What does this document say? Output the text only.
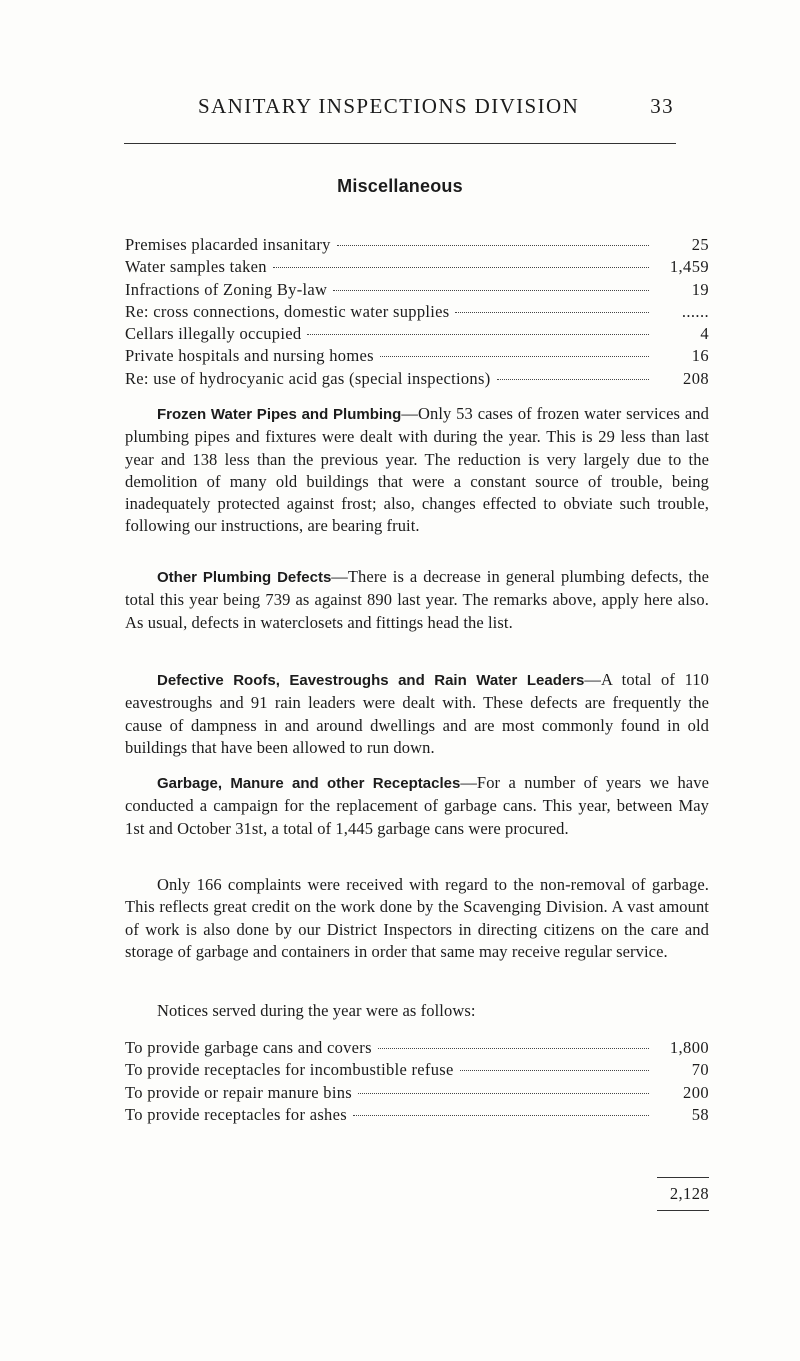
SANITARY INSPECTIONS DIVISION	33
Miscellaneous
Premises placarded insanitary	25
Water samples taken	1,459
Infractions of Zoning By-law	19
Re: cross connections, domestic water supplies	......
Cellars illegally occupied	4
Private hospitals and nursing homes	16
Re: use of hydrocyanic acid gas (special inspections)	208

Frozen Water Pipes and Plumbing—Only 53 cases of frozen water services and plumbing pipes and fixtures were dealt with during the year. This is 29 less than last year and 138 less than the previous year. The reduction is very largely due to the demolition of many old buildings that were a constant source of trouble, being inadequately protected against frost; also, changes effected to obviate such trouble, following our instructions, are bearing fruit.

Other Plumbing Defects—There is a decrease in general plumbing defects, the total this year being 739 as against 890 last year. The remarks above, apply here also. As usual, defects in waterclosets and fittings head the list.

Defective Roofs, Eavestroughs and Rain Water Leaders—A total of 110 eavestroughs and 91 rain leaders were dealt with. These defects are frequently the cause of dampness in and around dwellings and are most commonly found in old buildings that have been allowed to run down.

Garbage, Manure and other Receptacles—For a number of years we have conducted a campaign for the replacement of garbage cans. This year, between May 1st and October 31st, a total of 1,445 garbage cans were procured.

Only 166 complaints were received with regard to the non-removal of garbage. This reflects great credit on the work done by the Scavenging Division. A vast amount of work is also done by our District Inspectors in directing citizens on the care and storage of garbage and containers in order that same may receive regular service.

Notices served during the year were as follows:

To provide garbage cans and covers	1,800
To provide receptacles for incombustible refuse	70
To provide or repair manure bins	200
To provide receptacles for ashes	58
2,128
